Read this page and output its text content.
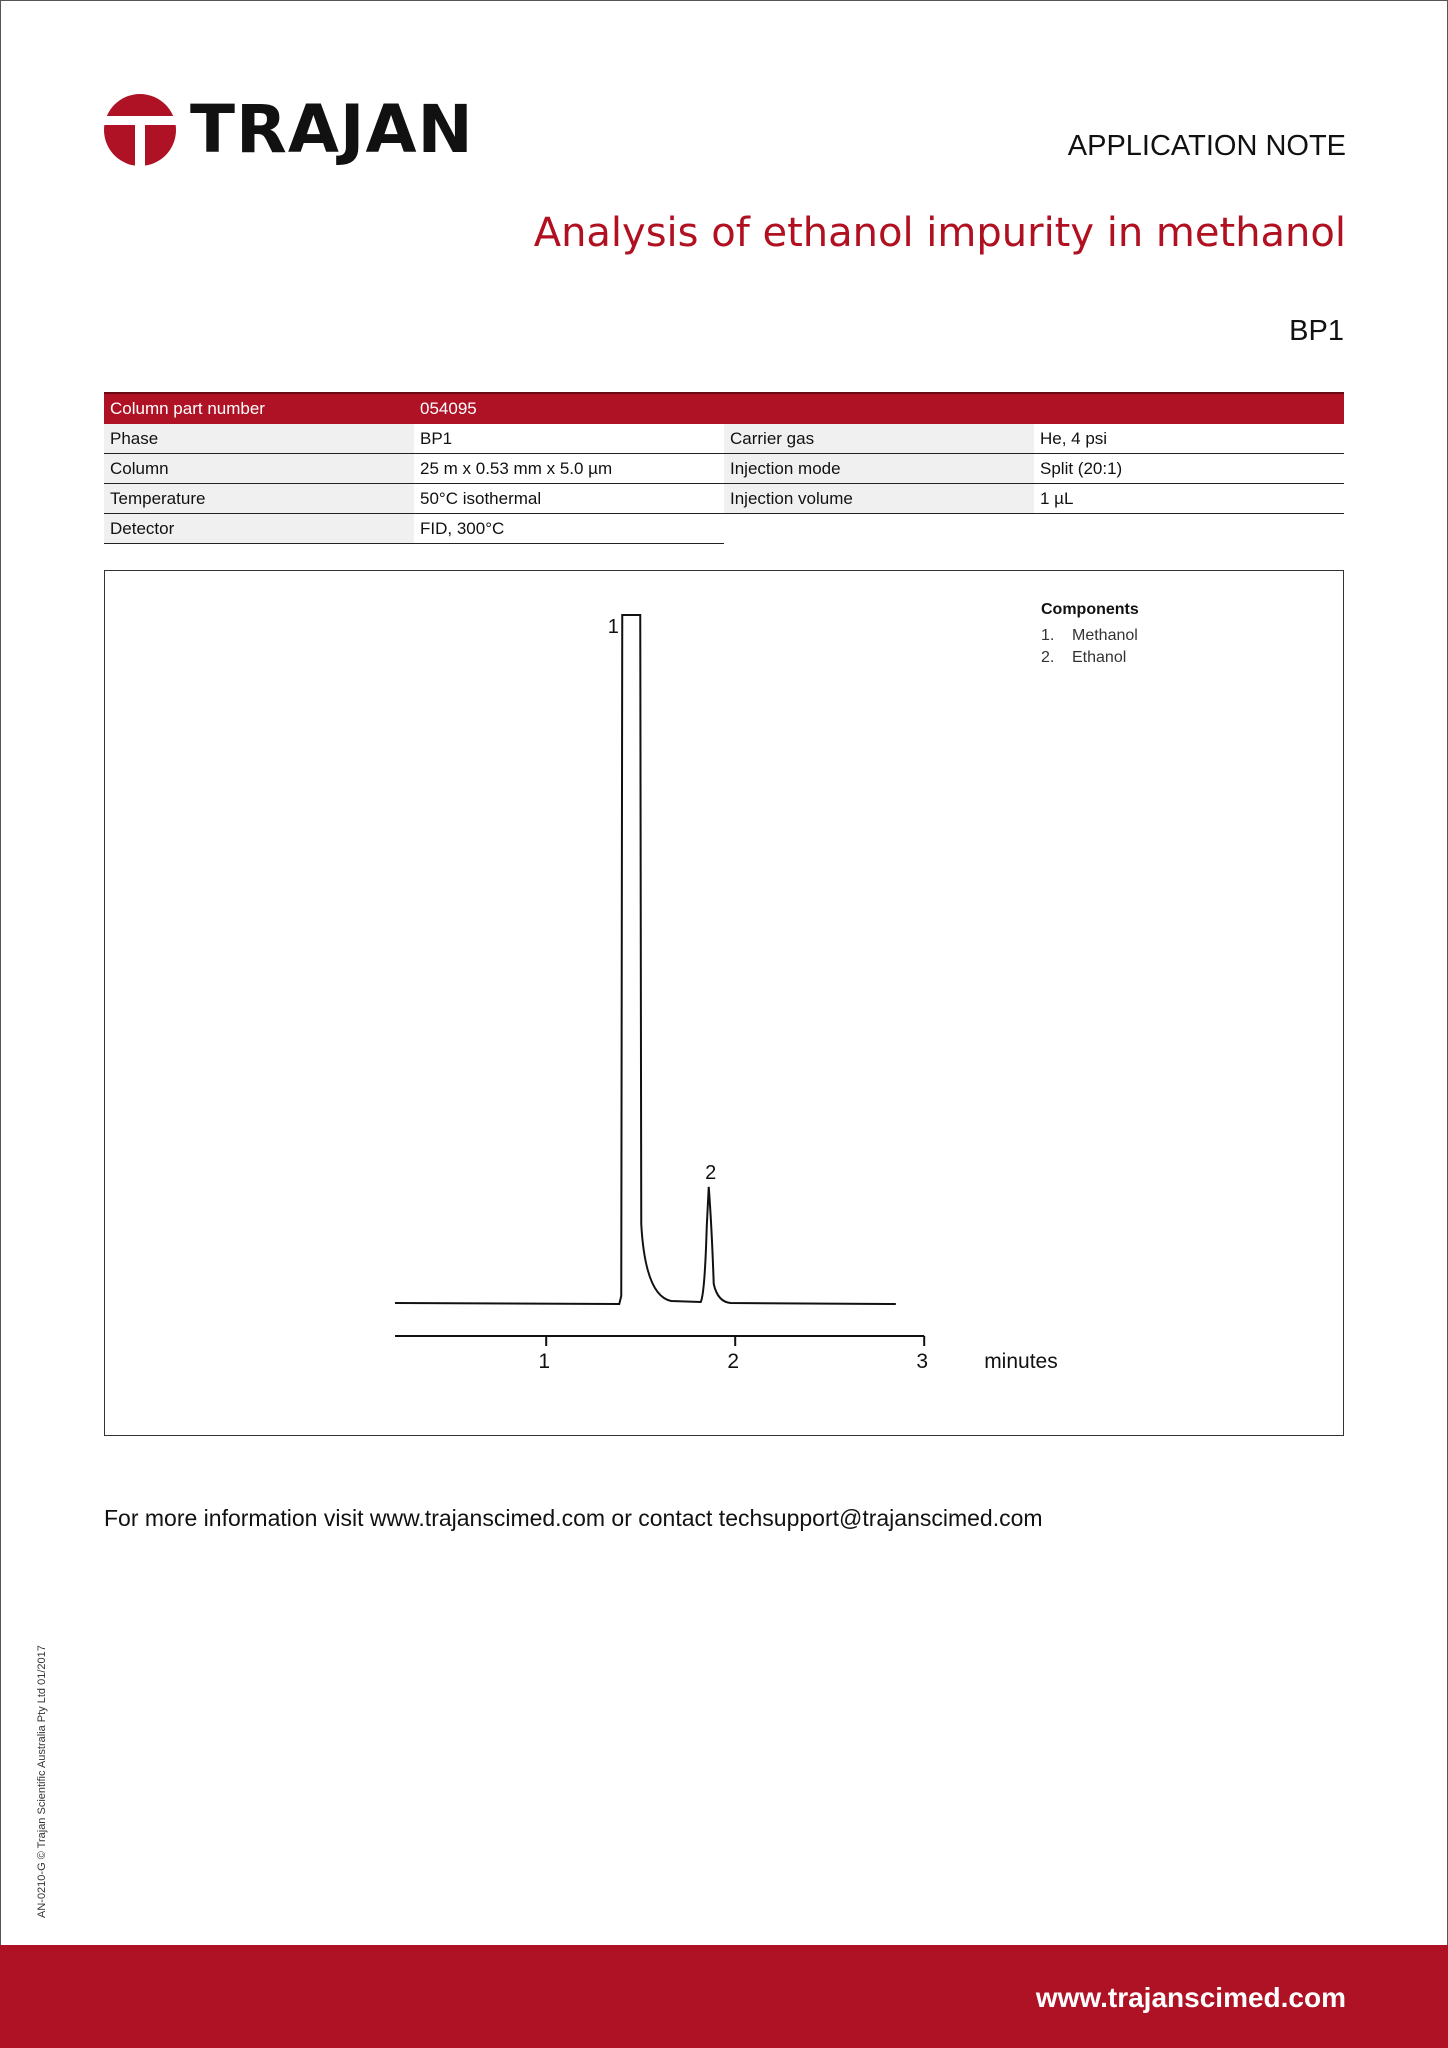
TRAJAN	APPLICATION NOTE
Analysis of ethanol impurity in methanol
BP1
Column part number	054095
Phase	BP1	Carrier gas	He, 4 psi
Column	25 m x 0.53 mm x 5.0 µm	Injection mode	Split (20:1)
Temperature	50°C isothermal	Injection volume	1 µL
Detector	FID, 300°C
1
2
1	2	3	minutes
Components
1.	Methanol
2.	Ethanol
For more information visit www.trajanscimed.com or contact techsupport@trajanscimed.com
AN-0210-G © Trajan Scientific Australia Pty Ltd 01/2017
www.trajanscimed.com
